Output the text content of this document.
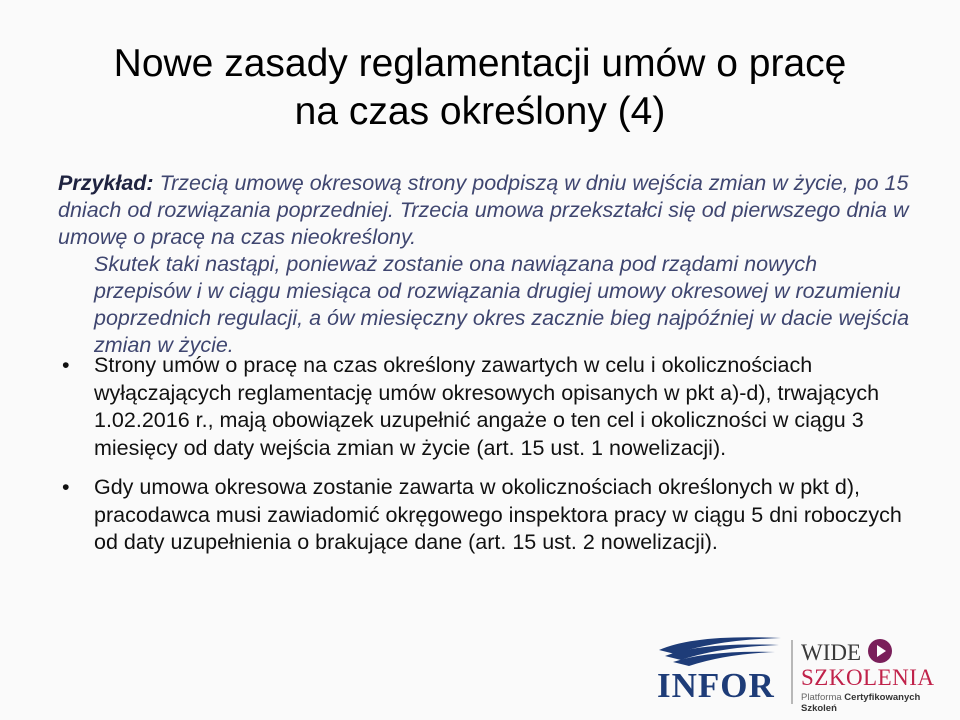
Nowe zasady reglamentacji umów o pracę
na czas określony (4)
Przykład: Trzecią umowę okresową strony podpiszą w dniu wejścia zmian w życie, po 15 dniach od rozwiązania poprzedniej. Trzecia umowa przekształci się od pierwszego dnia w umowę o pracę na czas nieokreślony.
Skutek taki nastąpi, ponieważ zostanie ona nawiązana pod rządami nowych przepisów i w ciągu miesiąca od rozwiązania drugiej umowy okresowej w rozumieniu poprzednich regulacji, a ów miesięczny okres zacznie bieg najpóźniej w dacie wejścia zmian w życie.
• Strony umów o pracę na czas określony zawartych w celu i okolicznościach wyłączających reglamentację umów okresowych opisanych w pkt a)-d), trwających 1.02.2016 r., mają obowiązek uzupełnić angaże o ten cel i okoliczności w ciągu 3 miesięcy od daty wejścia zmian w życie (art. 15 ust. 1 nowelizacji).
• Gdy umowa okresowa zostanie zawarta w okolicznościach określonych w pkt d), pracodawca musi zawiadomić okręgowego inspektora pracy w ciągu 5 dni roboczych od daty uzupełnienia o brakujące dane (art. 15 ust. 2 nowelizacji).
INFOR
WIDE
SZKOLENIA
Platforma Certyfikowanych Szkoleń
